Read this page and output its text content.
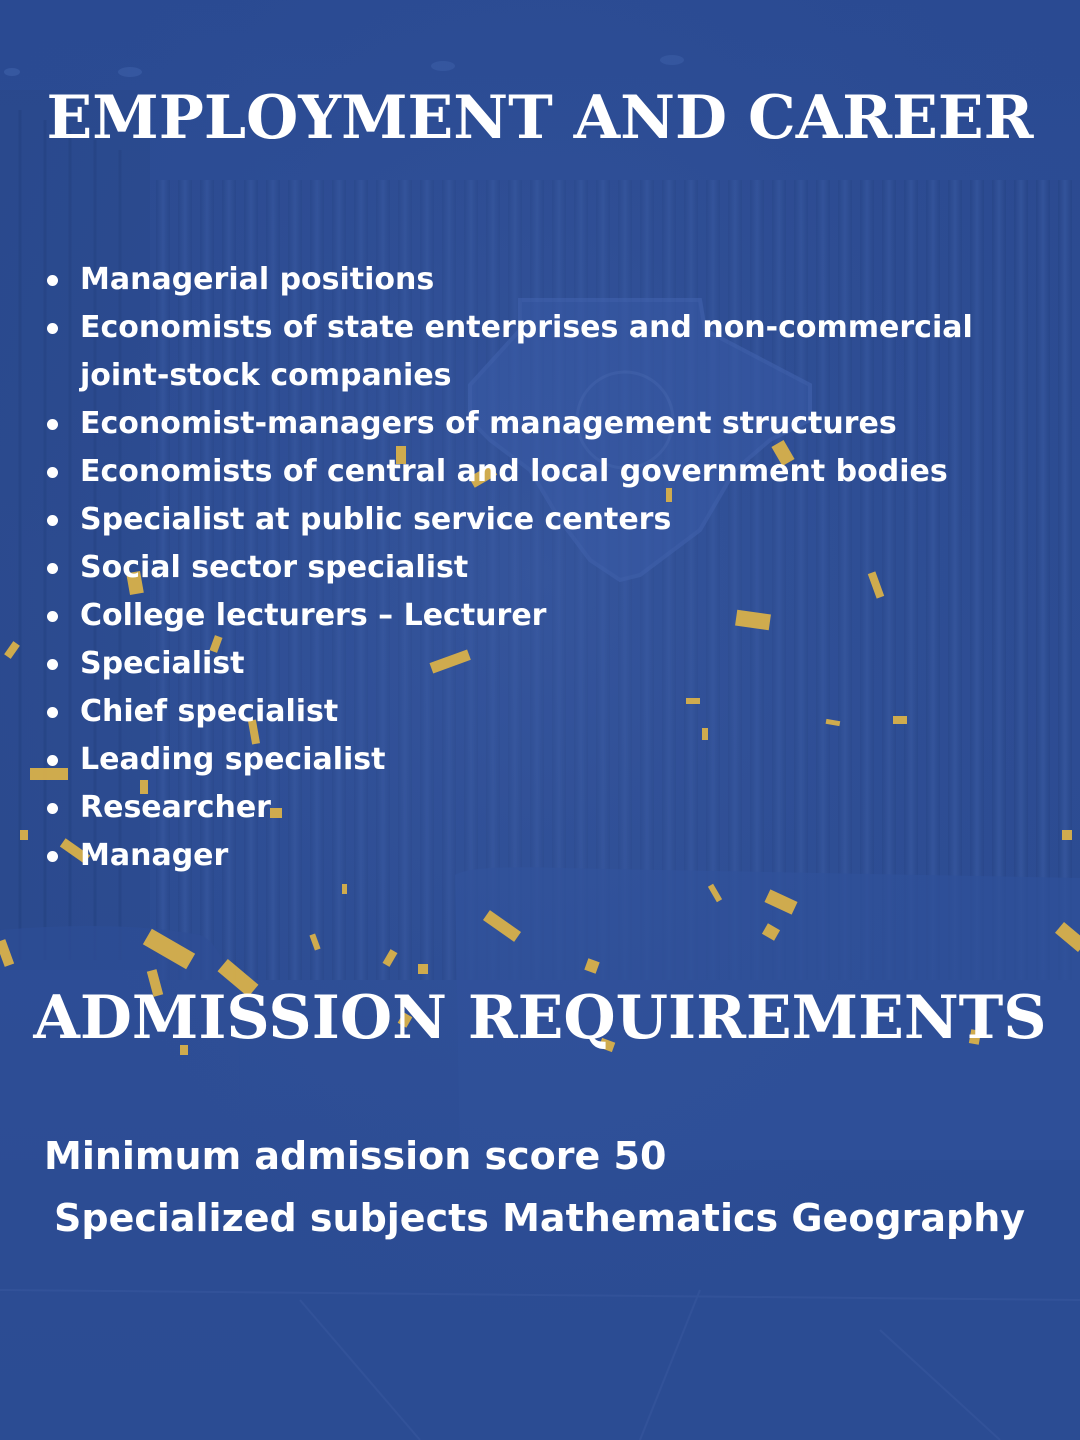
EMPLOYMENT AND CAREER
Managerial positions
Economists of state enterprises and non-commercial joint-stock companies
Economist-managers of management structures
Economists of central and local government bodies
Specialist at public service centers
Social sector specialist
College lecturers – Lecturer
Specialist
Chief specialist
Leading specialist
Researcher
Manager
ADMISSION REQUIREMENTS

Minimum admission score 50

Specialized subjects Mathematics Geography
